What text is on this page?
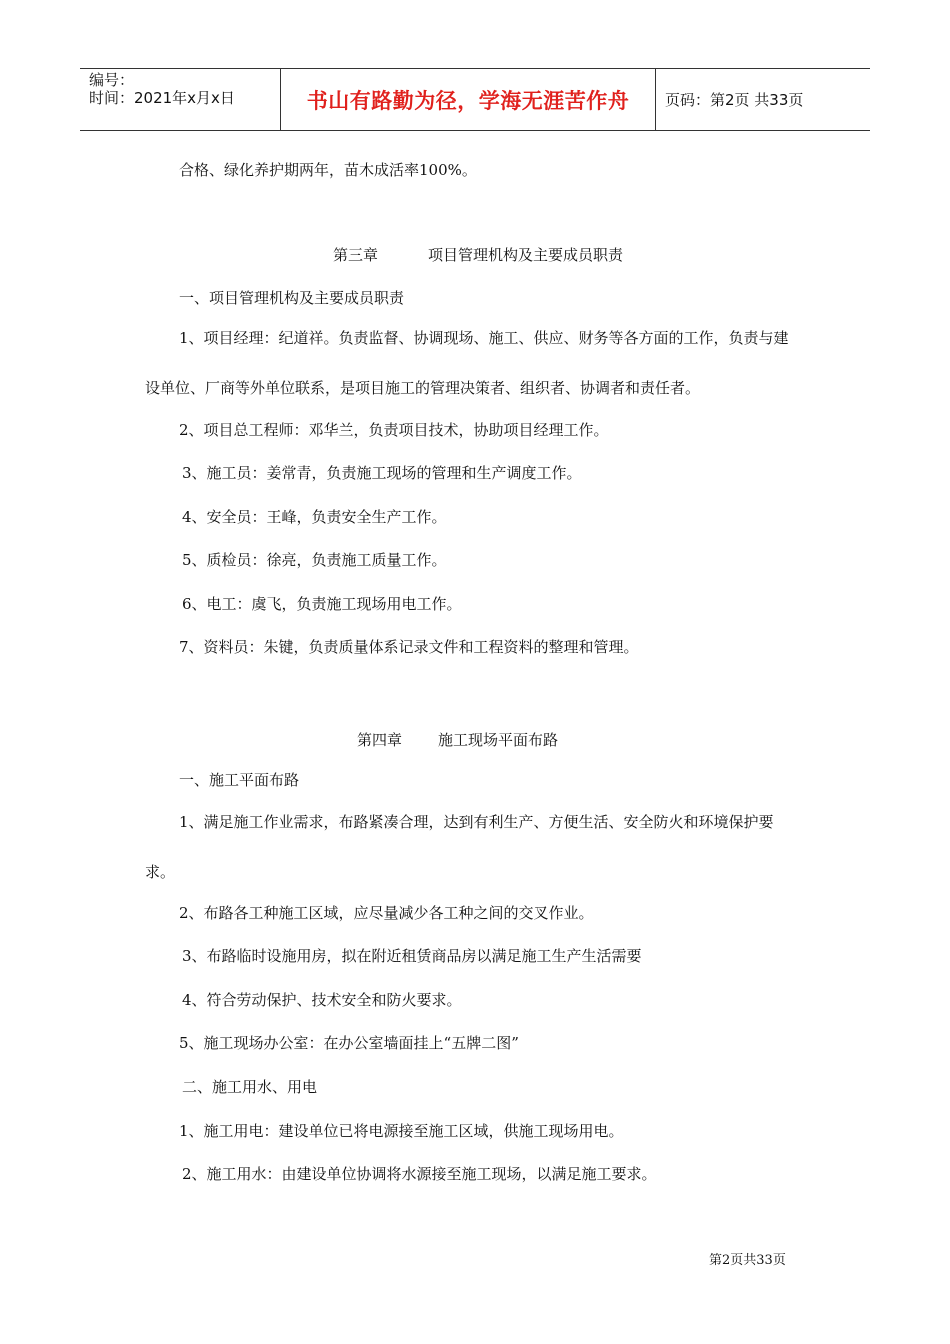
编号：
时间：2021年x月x日	书山有路勤为径，学海无涯苦作舟	页码：第2页 共33页
合格、绿化养护期两年，苗木成活率100%。
第三章	项目管理机构及主要成员职责
一、项目管理机构及主要成员职责
1、项目经理：纪道祥。负责监督、协调现场、施工、供应、财务等各方面的工作，负责与建
设单位、厂商等外单位联系，是项目施工的管理决策者、组织者、协调者和责任者。
2、项目总工程师：邓华兰，负责项目技术，协助项目经理工作。
3、施工员：姜常青，负责施工现场的管理和生产调度工作。
4、安全员：王峰，负责安全生产工作。
5、质检员：徐亮，负责施工质量工作。
6、电工：虞飞，负责施工现场用电工作。
7、资料员：朱键，负责质量体系记录文件和工程资料的整理和管理。
第四章 施工现场平面布路
一、施工平面布路
1、满足施工作业需求，布路紧凑合理，达到有利生产、方便生活、安全防火和环境保护要
求。
2、布路各工种施工区域，应尽量减少各工种之间的交叉作业。
3、布路临时设施用房，拟在附近租赁商品房以满足施工生产生活需要
4、符合劳动保护、技术安全和防火要求。
5、施工现场办公室：在办公室墙面挂上“五牌二图”
二、施工用水、用电
1、施工用电：建设单位已将电源接至施工区域，供施工现场用电。
2、施工用水：由建设单位协调将水源接至施工现场，以满足施工要求。
第2页共33页
